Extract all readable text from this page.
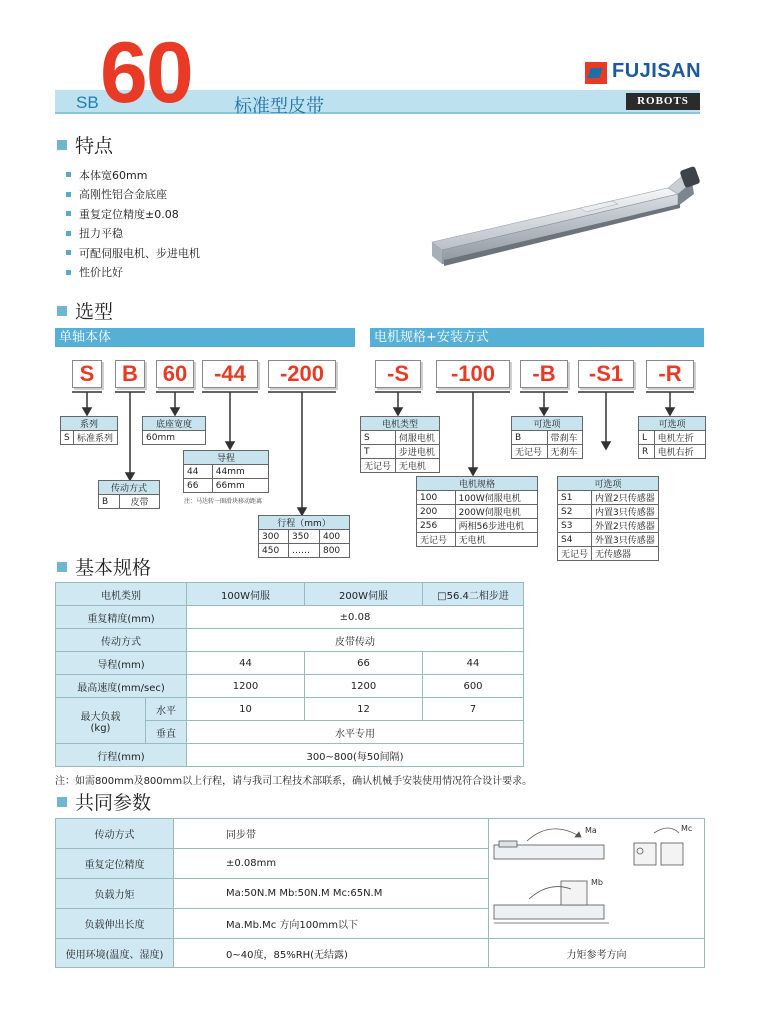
SB 60 标准型皮带
FUJISAN
ROBOTS
特点
本体宽60mm
高刚性铝合金底座
重复定位精度±0.08
扭力平稳
可配伺服电机、步进电机
性价比好
选型
单轴本体	电机规格+安装方式
S	B	60	-44	-200	-S	-100	-B	-S1	-R
系列
S	标准系列
传动方式
B	皮带
底座宽度
60mm
导程	
44	44mm
66	66mm
注：马达转一圈滑块移动距离
行程（mm）		
300	350	400
450	……	800
电机类型	
S	伺服电机
T	步进电机
无记号	无电机
电机规格	
100	100W伺服电机
200	200W伺服电机
256	两相56步进电机
无记号	无电机
可选项	
B	带刹车
无记号	无刹车
可选项	
S1	内置2只传感器
S2	内置3只传感器
S3	外置2只传感器
S4	外置3只传感器
无记号	无传感器
可选项	
L	电机左折
R	电机右折
基本规格
电机类别		100W伺服	200W伺服	□56.4二相步进
重复精度(mm)		±0.08		
传动方式		皮带传动		
导程(mm)		44	66	44
最高速度(mm/sec)		1200	1200	600

最大负载
(kg)	水平	10	12	7
	垂直	水平专用		
行程(mm)		300~800(每50间隔)		
注：如需800mm及800mm以上行程，请与我司工程技术部联系，确认机械手安装使用情况符合设计要求。
共同参数
传动方式	同步带	Ma Mc
Mb

重复定位精度	±0.08mm	
负载力矩	Ma:50N.M Mb:50N.M Mc:65N.M	
负载伸出长度	Ma.Mb.Mc 方向100mm以下	
使用环境(温度、湿度)	0~40度，85%RH(无结露)	力矩参考方向
